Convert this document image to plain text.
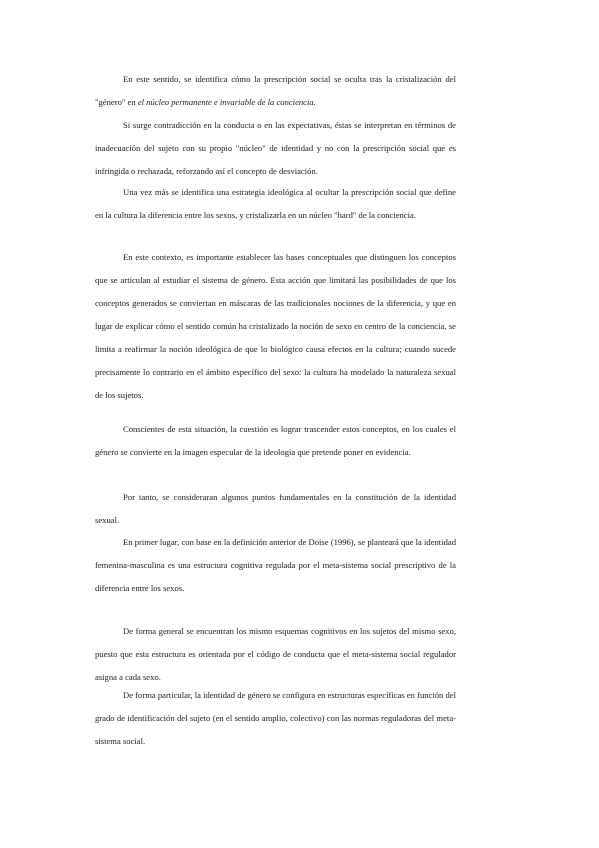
En este sentido, se identifica cómo la prescripción social se oculta tras la cristalización del "género" en el núcleo permanente e invariable de la conciencia.

Si surge contradicción en la conducta o en las expectativas, éstas se interpretan en términos de inadecuación del sujeto con su propio "núcleo" de identidad y no con la prescripción social que es infringida o rechazada, reforzando así el concepto de desviación.

Una vez más se identifica una estrategia ideológica al ocultar la prescripción social que define en la cultura la diferencia entre los sexos, y cristalizarla en un núcleo "hard" de la conciencia.

En este contexto, es importante establecer las bases conceptuales que distinguen los conceptos que se articulan al estudiar el sistema de género. Esta acción que limitará las posibilidades de que los conceptos generados se conviertan en máscaras de las tradicionales nociones de la diferencia, y que en lugar de explicar cómo el sentido común ha cristalizado la noción de sexo en centro de la conciencia, se limita a reafirmar la noción ideológica de que lo biológico causa efectos en la cultura; cuando sucede precisamente lo contrario en el ámbito específico del sexo: la cultura ha modelado la naturaleza sexual de los sujetos.

Conscientes de esta situación, la cuestión es lograr trascender estos conceptos, en los cuales el género se convierte en la imagen especular de la ideología que pretende poner en evidencia.

Por tanto, se consideraran algunos puntos fundamentales en la constitución de la identidad sexual.

En primer lugar, con base en la definición anterior de Doise (1996), se planteará que la identidad femenina-masculina es una estructura cognitiva regulada por el meta-sistema social prescriptivo de la diferencia entre los sexos.

De forma general se encuentran los mismo esquemas cognitivos en los sujetos del mismo sexo, puesto que esta estructura es orientada por el código de conducta que el meta-sistema social regulador asigna a cada sexo.

De forma particular, la identidad de género se configura en estructuras específicas en función del grado de identificación del sujeto (en el sentido amplio, colectivo) con las normas reguladoras del meta-sistema social.
